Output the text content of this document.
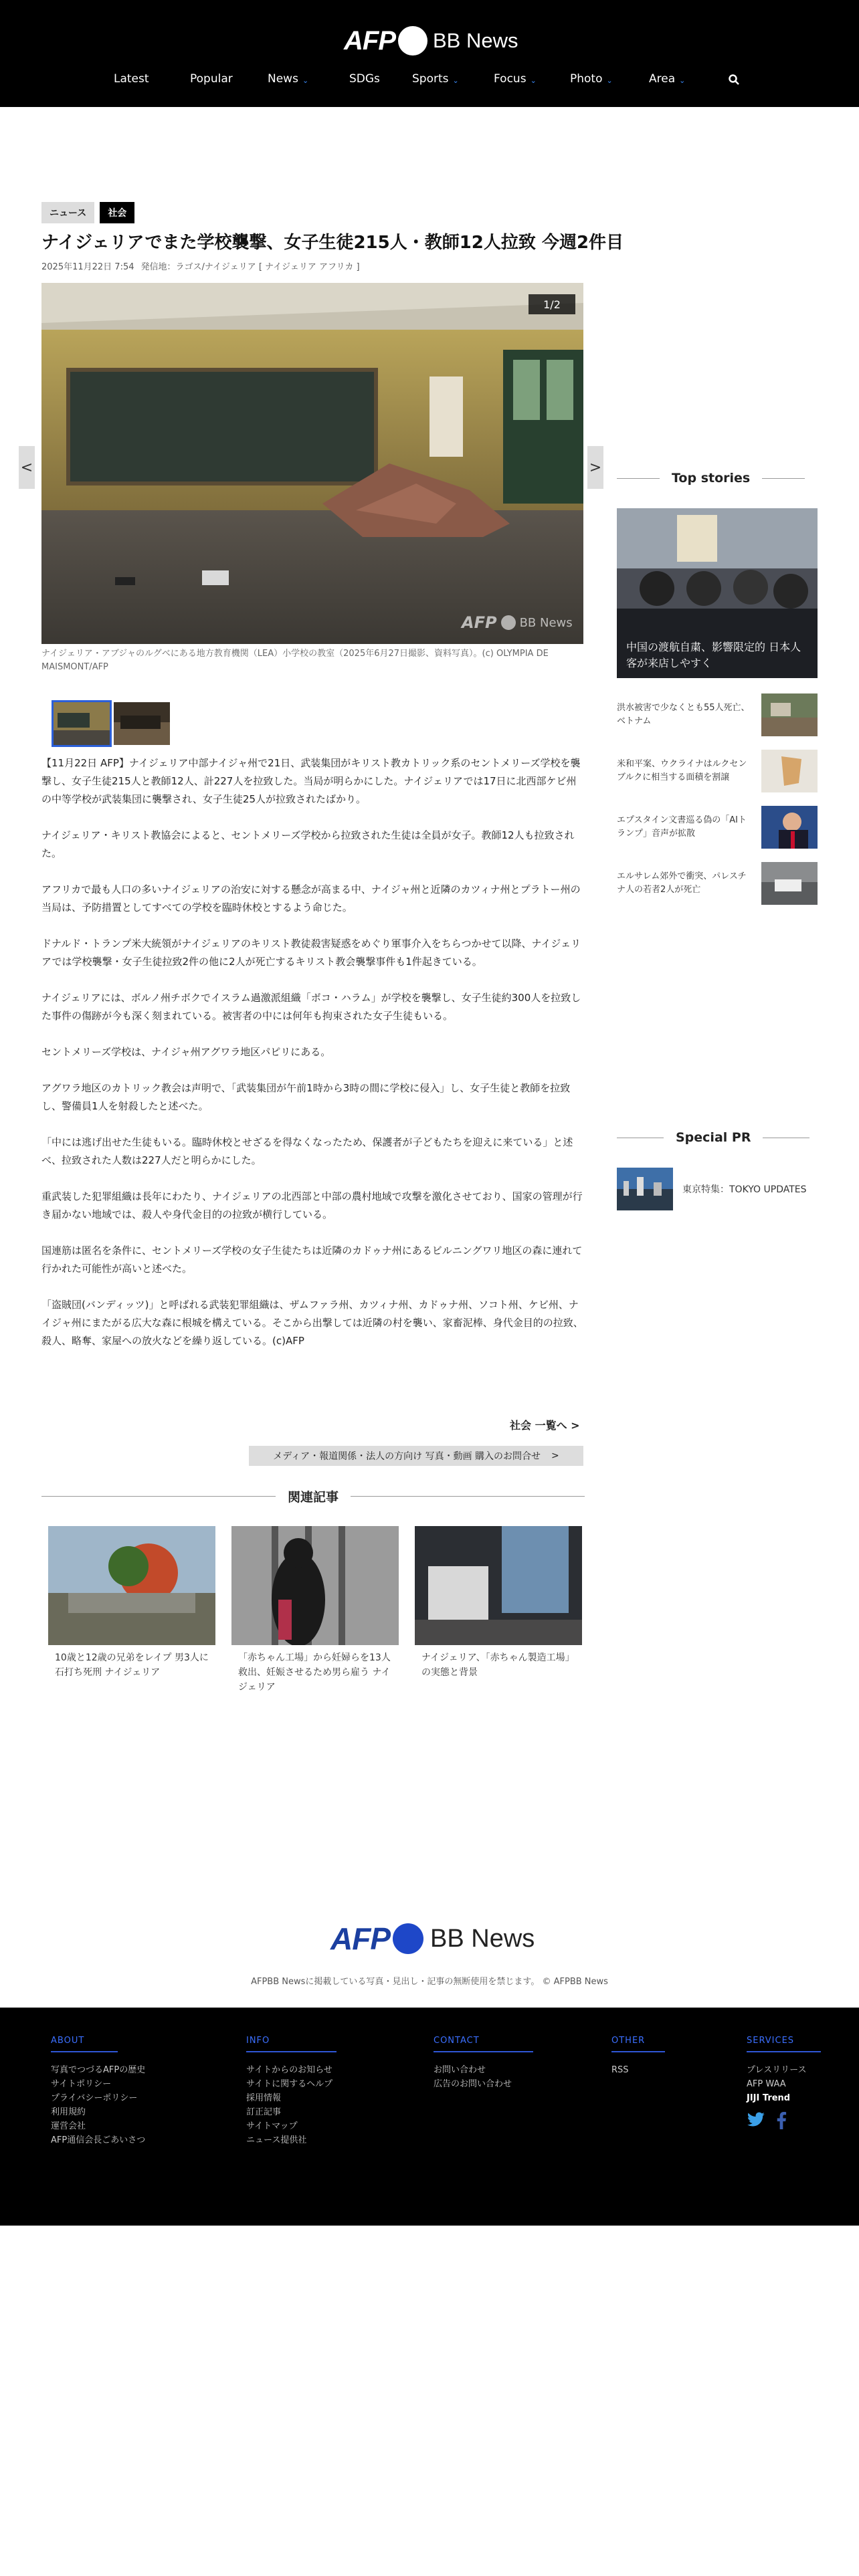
AFP BB News
Latest	Popular	News ⌄	SDGs	Sports ⌄	Focus ⌄	Photo ⌄	Area ⌄
ニュース	社会
ナイジェリアでまた学校襲撃、女子生徒215人・教師12人拉致 今週2件目
2025年11月22日 7:54 発信地：ラゴス/ナイジェリア [ ナイジェリア アフリカ ]
1/2
<	>
AFP BB News
ナイジェリア・アブジャのルグベにある地方教育機関（LEA）小学校の教室（2025年6月27日撮影、資料写真）。(c) OLYMPIA DE MAISMONT/AFP

【11月22日 AFP】ナイジェリア中部ナイジャ州で21日、武装集団がキリスト教カトリック系のセントメリーズ学校を襲撃し、女子生徒215人と教師12人、計227人を拉致した。当局が明らかにした。ナイジェリアでは17日に北西部ケビ州の中等学校が武装集団に襲撃され、女子生徒25人が拉致されたばかり。

ナイジェリア・キリスト教協会によると、セントメリーズ学校から拉致された生徒は全員が女子。教師12人も拉致された。

アフリカで最も人口の多いナイジェリアの治安に対する懸念が高まる中、ナイジャ州と近隣のカツィナ州とプラトー州の当局は、予防措置としてすべての学校を臨時休校とするよう命じた。

ドナルド・トランプ米大統領がナイジェリアのキリスト教徒殺害疑惑をめぐり軍事介入をちらつかせて以降、ナイジェリアでは学校襲撃・女子生徒拉致2件の他に2人が死亡するキリスト教会襲撃事件も1件起きている。

ナイジェリアには、ボルノ州チボクでイスラム過激派組織「ボコ・ハラム」が学校を襲撃し、女子生徒約300人を拉致した事件の傷跡が今も深く刻まれている。被害者の中には何年も拘束された女子生徒もいる。

セントメリーズ学校は、ナイジャ州アグワラ地区パピリにある。

アグワラ地区のカトリック教会は声明で、「武装集団が午前1時から3時の間に学校に侵入」し、女子生徒と教師を拉致し、警備員1人を射殺したと述べた。

「中には逃げ出せた生徒もいる。臨時休校とせざるを得なくなったため、保護者が子どもたちを迎えに来ている」と述べ、拉致された人数は227人だと明らかにした。

重武装した犯罪組織は長年にわたり、ナイジェリアの北西部と中部の農村地域で攻撃を激化させており、国家の管理が行き届かない地域では、殺人や身代金目的の拉致が横行している。

国連筋は匿名を条件に、セントメリーズ学校の女子生徒たちは近隣のカドゥナ州にあるビルニングワリ地区の森に連れて行かれた可能性が高いと述べた。

「盗賊団(バンディッツ)」と呼ばれる武装犯罪組織は、ザムファラ州、カツィナ州、カドゥナ州、ソコト州、ケビ州、ナイジャ州にまたがる広大な森に根城を構えている。そこから出撃しては近隣の村を襲い、家畜泥棒、身代金目的の拉致、殺人、略奪、家屋への放火などを繰り返している。(c)AFP

社会 一覧へ >
メディア・報道関係・法人の方向け 写真・動画 購入のお問合せ >
関連記事
10歳と12歳の兄弟をレイプ 男3人に石打ち死刑 ナイジェリア
「赤ちゃん工場」から妊婦らを13人救出、妊娠させるため男ら雇う ナイジェリア
ナイジェリア、「赤ちゃん製造工場」の実態と背景
Top stories
中国の渡航自粛、影響限定的 日本人客が来店しやすく
洪水被害で少なくとも55人死亡、ベトナム
米和平案、ウクライナはルクセンブルクに相当する面積を割譲
エプスタイン文書巡る偽の「AIトランプ」音声が拡散
エルサレム郊外で衝突、パレスチナ人の若者2人が死亡
Special PR
東京特集：TOKYO UPDATES
AFP BB News
AFPBB Newsに掲載している写真・見出し・記事の無断使用を禁じます。 © AFPBB News
ABOUT
写真でつづるAFPの歴史
サイトポリシー
プライバシーポリシー
利用規約
運営会社
AFP通信会長ごあいさつ
INFO
サイトからのお知らせ
サイトに関するヘルプ
採用情報
訂正記事
サイトマップ
ニュース提供社
CONTACT
お問い合わせ
広告のお問い合わせ
OTHER
RSS
SERVICES
プレスリリース
AFP WAA
JIJI Trend
